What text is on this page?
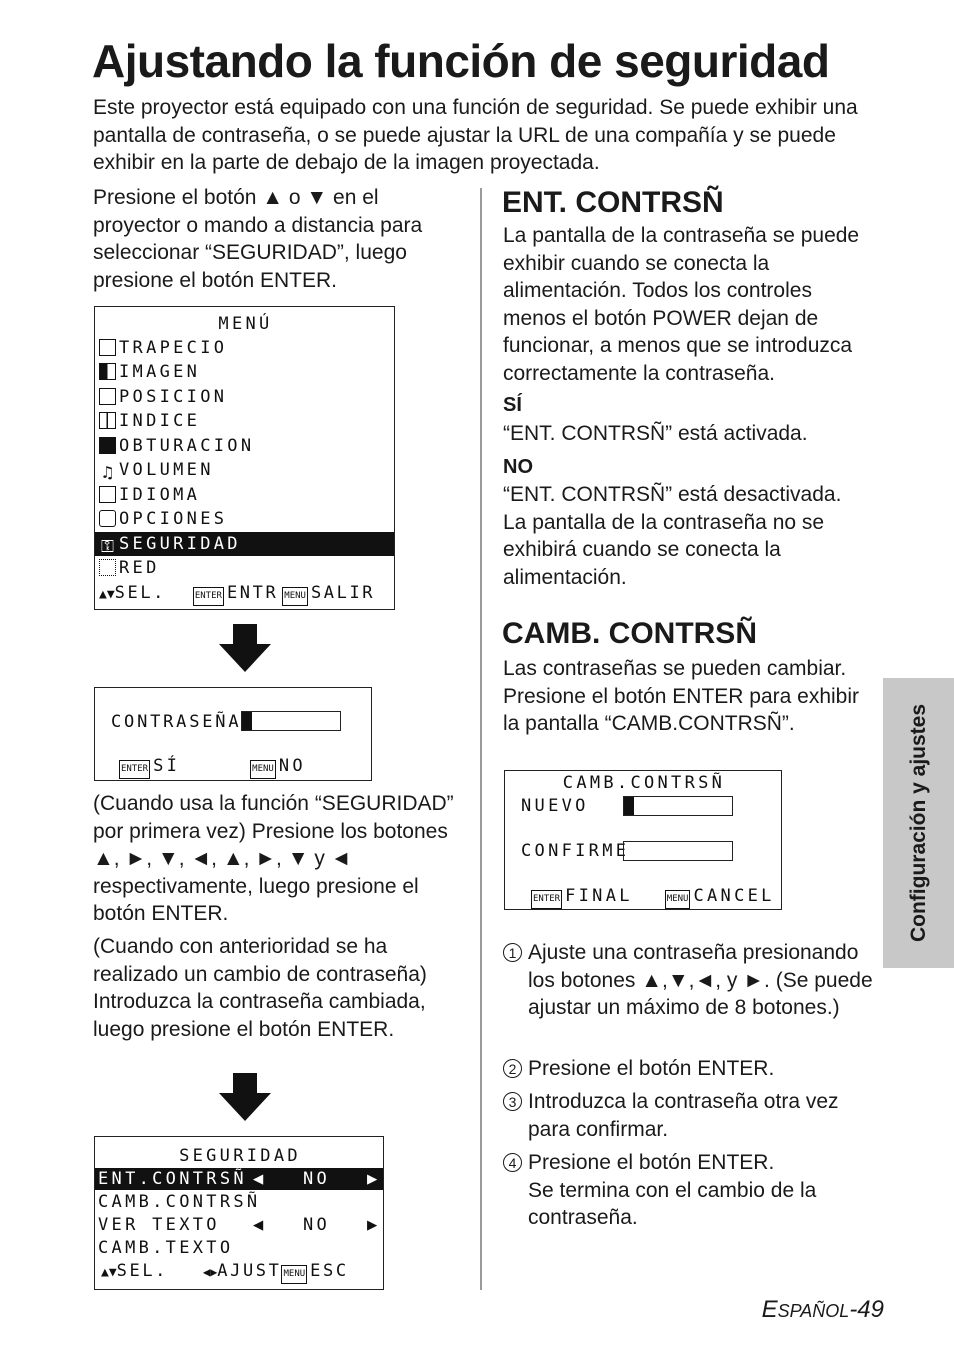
Ajustando la función de seguridad
Este proyector está equipado con una función de seguridad. Se puede exhibir una pantalla de contraseña, o se puede ajustar la URL de una compañía y se puede exhibir en la parte de debajo de la imagen proyectada.
Presione el botón ▲ o ▼ en el proyector o mando a distancia para seleccionar “SEGURIDAD”, luego presione el botón ENTER.
MENÚ
TRAPECIO
IMAGEN
POSICION
INDICE
OBTURACION
♫ VOLUMEN
IDIOMA
OPCIONES
⚿ SEGURIDAD
RED
▲▼SEL.	ENTER ENTR MENU SALIR
CONTRASEÑA
ENTER SÍ	MENU NO
(Cuando usa la función “SEGURIDAD” por primera vez) Presione los botones ▲, ►, ▼, ◄, ▲, ►, ▼ y ◄ respectivamente, luego presione el botón ENTER.
(Cuando con anterioridad se ha realizado un cambio de contraseña) Introduzca la contraseña cambiada, luego presione el botón ENTER.
SEGURIDAD
ENT.CONTRSÑ ◀ NO ▶
CAMB.CONTRSÑ
VER TEXTO ◀ NO ▶
CAMB.TEXTO
▲▼SEL.	◀▶AJUST MENU ESC
ENT. CONTRSÑ
La pantalla de la contraseña se puede exhibir cuando se conecta la alimentación. Todos los controles menos el botón POWER dejan de funcionar, a menos que se introduzca correctamente la contraseña.
SÍ
“ENT. CONTRSÑ” está activada.
NO
“ENT. CONTRSÑ” está desactivada. La pantalla de la contraseña no se exhibirá cuando se conecta la alimentación.
CAMB. CONTRSÑ
Las contraseñas se pueden cambiar. Presione el botón ENTER para exhibir la pantalla “CAMB.CONTRSÑ”.
CAMB.CONTRSÑ
NUEVO
CONFIRME
ENTER FINAL	MENU CANCEL
1 Ajuste una contraseña presionando los botones ▲,▼,◄, y ►. (Se puede ajustar un máximo de 8 botones.)
2 Presione el botón ENTER.
3 Introduzca la contraseña otra vez para confirmar.
4 Presione el botón ENTER.
Se termina con el cambio de la contraseña.
Configuración y ajustes
ESPAÑOL-49
